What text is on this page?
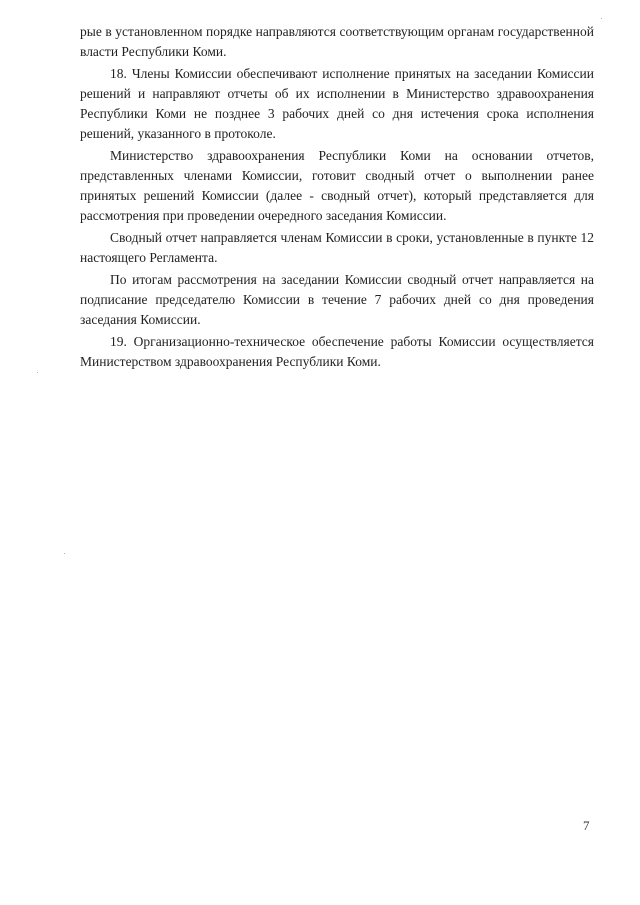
рые в установленном порядке направляются соответствующим органам государственной власти Республики Коми.

18. Члены Комиссии обеспечивают исполнение принятых на заседании Комиссии решений и направляют отчеты об их исполнении в Министерство здравоохранения Республики Коми не позднее 3 рабочих дней со дня истечения срока исполнения решений, указанного в протоколе.

Министерство здравоохранения Республики Коми на основании отчетов, представленных членами Комиссии, готовит сводный отчет о выполнении ранее принятых решений Комиссии (далее - сводный отчет), который представляется для рассмотрения при проведении очередного заседания Комиссии.

Сводный отчет направляется членам Комиссии в сроки, установленные в пункте 12 настоящего Регламента.

По итогам рассмотрения на заседании Комиссии сводный отчет направляется на подписание председателю Комиссии в течение 7 рабочих дней со дня проведения заседания Комиссии.

19. Организационно-техническое обеспечение работы Комиссии осуществляется Министерством здравоохранения Республики Коми.

7
